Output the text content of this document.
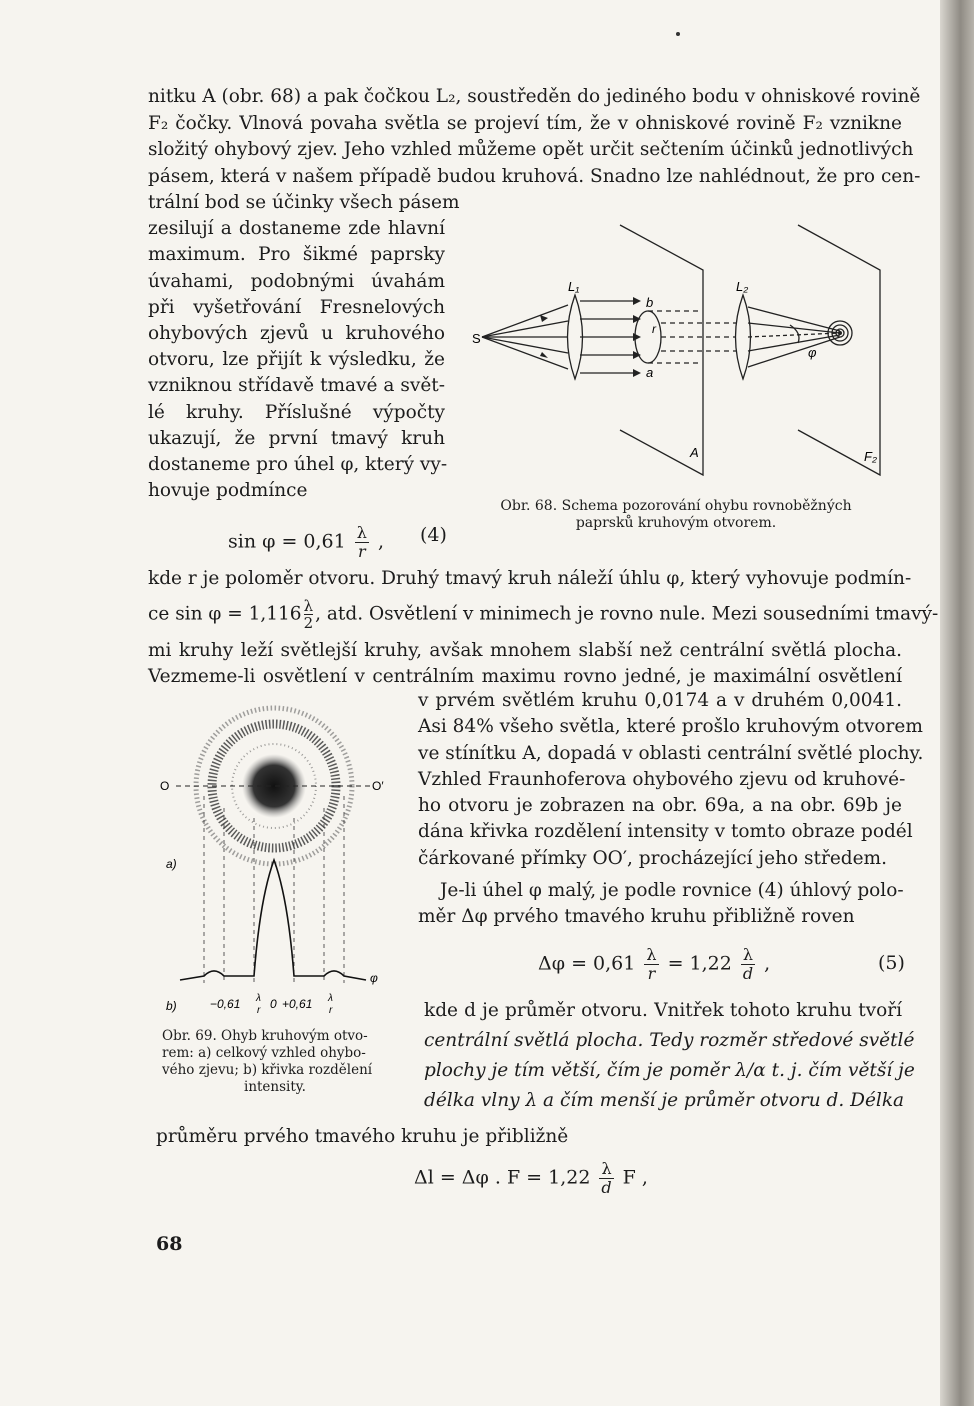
nitku A (obr. 68) a pak čočkou L₂, soustředěn do jediného bodu v ohniskové rovině
F₂ čočky. Vlnová povaha světla se projeví tím, že v ohniskové rovině F₂ vznikne
složitý ohybový zjev. Jeho vzhled můžeme opět určit sečtením účinků jednotlivých
pásem, která v našem případě budou kruhová. Snadno lze nahlédnout, že pro cen-
trální bod se účinky všech pásem
zesilují a dostaneme zde hlavní
maximum. Pro šikmé paprsky
úvahami, podobnými úvahám
při vyšetřování Fresnelových
ohybových zjevů u kruhového
otvoru, lze přijít k výsledku, že
vzniknou střídavě tmavé a svět-
lé kruhy. Příslušné výpočty
ukazují, že první tmavý kruh
dostaneme pro úhel φ, který vy-
hovuje podmínce
$\sin \varphi = 0,61 \frac{\lambda}{r}$ , (4)
S
L₁	L₂
b
r
a
φ
A	F₂
Obr. 68. Schema pozorování ohybu rovnoběžných paprsků kruhovým otvorem.
kde r je poloměr otvoru. Druhý tmavý kruh náleží úhlu φ, který vyhovuje podmín-
ce $\sin \varphi = 1,116 \frac{\lambda}{2}$ , atd. Osvětlení v minimech je rovno nule. Mezi sousedními tmavý-
mi kruhy leží světlejší kruhy, avšak mnohem slabší než centrální světlá plocha.
Vezmeme-li osvětlení v centrálním maximu rovno jedné, je maximální osvětlení
v prvém světlém kruhu 0,0174 a v druhém 0,0041.
Asi 84% všeho světla, které prošlo kruhovým otvorem
ve stínítku A, dopadá v oblasti centrální světlé plochy.
Vzhled Fraunhoferova ohybového zjevu od kruhové-
ho otvoru je zobrazen na obr. 69a, a na obr. 69b je
dána křivka rozdělení intensity v tomto obraze podél
čárkované přímky OO′, procházející jeho středem.
Je-li úhel φ malý, je podle rovnice (4) úhlový polo-
měr Δφ prvého tmavého kruhu přibližně roven
$\Delta\varphi = 0,61 \frac{\lambda}{r} = 1,22 \frac{\lambda}{d}$ ,	(5)
kde d je průměr otvoru. Vnitřek tohoto kruhu tvoří
centrální světlá plocha. Tedy rozměr středové světlé
plochy je tím větší, čím je poměr λ/α t. j. čím větší je
délka vlny λ a čím menší je průměr otvoru d. Délka
průměru prvého tmavého kruhu je přibližně
Δl = Δφ . $F = 1,22 \frac{\lambda}{d}$ F ,
O	O′
a)
b)
φ
−0,61 λ
r 0 +0,61 λ
r
Obr. 69. Ohyb kruhovým otvo-
rem: a) celkový vzhled ohybo-
vého zjevu; b) křivka rozdělení
intensity.
68
